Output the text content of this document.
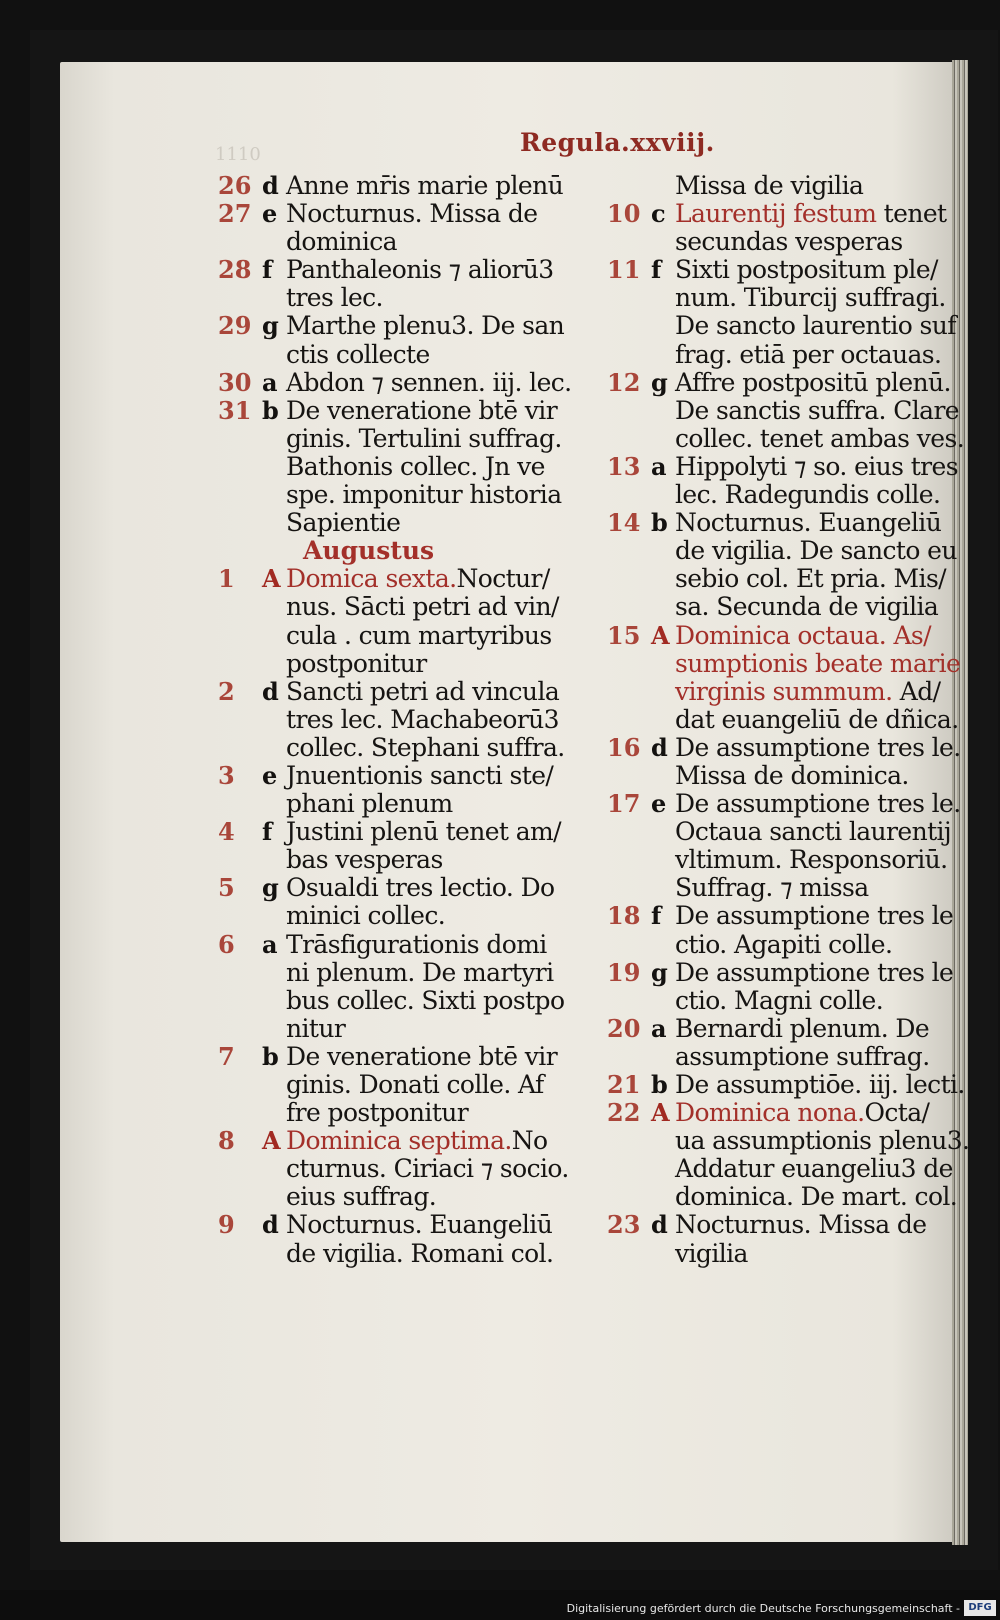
1110	Regula.xxviij.
26 d Anne mr̄is marie plenū
27 e Nocturnus. Missa de
dominica
28 f Panthaleonis ⁊ aliorū3
tres lec.
29 g Marthe plenu3. De san
ctis collecte
30 a Abdon ⁊ sennen. iij. lec.
31 b De veneratione btē vir
ginis. Tertulini suffrag.
Bathonis collec. Jn ve
spe. imponitur historia
Sapientie
Augustus
1	A Domica sexta.Noctur/
nus. Sācti petri ad vin/
cula . cum martyribus
postponitur
2	d Sancti petri ad vincula
tres lec. Machabeorū3
collec. Stephani suffra.
3	e Jnuentionis sancti ste/
phani plenum
4	f Justini plenū tenet am/
bas vesperas
5	g Osualdi tres lectio. Do
minici collec.
6	a Trāsfigurationis domi
ni plenum. De martyri
bus collec. Sixti postpo
nitur
7	b De veneratione btē vir
ginis. Donati colle. Af
fre postponitur
8	A Dominica septima.No
cturnus. Ciriaci ⁊ socio.
eius suffrag.
9	d Nocturnus. Euangeliū
de vigilia. Romani col.
Missa de vigilia
10 c Laurentij festum tenet
secundas vesperas
11 f Sixti postpositum ple/
num. Tiburcij suffragi.
De sancto laurentio suf
frag. etiā per octauas.
12 g Affre postpositū plenū.
De sanctis suffra. Clare
collec. tenet ambas ves.
13 a Hippolyti ⁊ so. eius tres
lec. Radegundis colle.
14 b Nocturnus. Euangeliū
de vigilia. De sancto eu
sebio col. Et pria. Mis/
sa. Secunda de vigilia
15 A Dominica octaua. As/
sumptionis beate marie
virginis summum. Ad/
dat euangeliū de dñica.
16 d De assumptione tres le.
Missa de dominica.
17 e De assumptione tres le.
Octaua sancti laurentij
vltimum. Responsoriū.
Suffrag. ⁊ missa
18 f De assumptione tres le
ctio. Agapiti colle.
19 g De assumptione tres le
ctio. Magni colle.
20 a Bernardi plenum. De
assumptione suffrag.
21 b De assumptiōe. iij. lecti.
22 A Dominica nona.Octa/
ua assumptionis plenu3.
Addatur euangeliu3 de
dominica. De mart. col.
23 d Nocturnus. Missa de
vigilia
Digitalisierung gefördert durch die Deutsche Forschungsgemeinschaft - DFG
